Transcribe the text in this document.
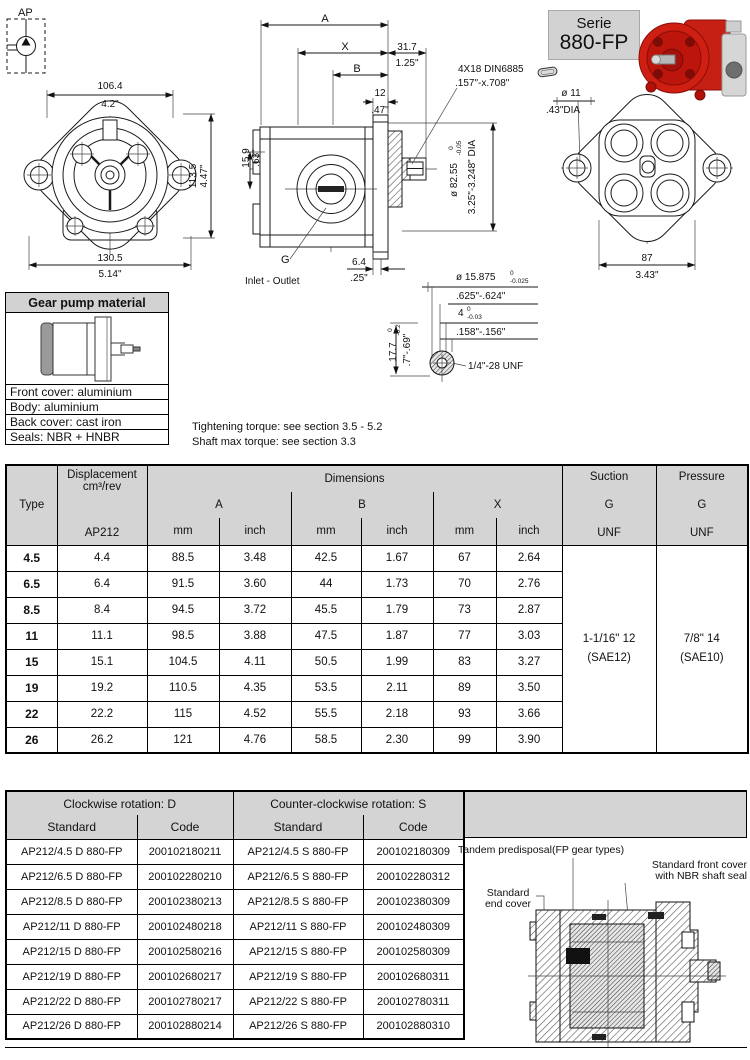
AP
Serie
880-FP
106.4
4.2"
130.5
5.14"
113.5 4.47"
A
X	31.7
1.25"
B
12
.47"
15.9 .63"
6.4
.25"
ø 82.55
0 -0.05 3.25"-3.248" DIA
4X18 DIN6885
.157"-x.708"
G
Inlet - Outlet
ø 11
.43"DIA
87
3.43"
ø 15.875 0
-0.025
.625"-.624"
4 0
-0.03
.158"-.156"
17.7
0 -0.2
.7"-.69"
1/4"-28 UNF
Gear pump material
Front cover: aluminium
Body: aluminium
Back cover: cast iron
Seals: NBR + HNBR
Tightening torque: see section 3.5 - 5.2
Shaft max torque: see section 3.3
Type	
Displacement
cm³/rev
AP212
	Dimensions	Suction
G
UNF

Pressure
G
UNF

		A		B		X			
		mm	inch	mm	inch	mm	inch		
4.5	4.4	88.5	3.48	42.5	1.67	67	2.64	
1-1/16" 12
(SAE12)

7/8" 14
(SAE10)

6.5	6.4	91.5	3.60	44	1.73	70	2.76		
8.5	8.4	94.5	3.72	45.5	1.79	73	2.87		
11	11.1	98.5	3.88	47.5	1.87	77	3.03		
15	15.1	104.5	4.11	50.5	1.99	83	3.27		
19	19.2	110.5	4.35	53.5	2.11	89	3.50		
22	22.2	115	4.52	55.5	2.18	93	3.66		
26	26.2	121	4.76	58.5	2.30	99	3.90		
Clockwise rotation: D		Counter-clockwise rotation: S	
Standard	Code	Standard	Code
AP212/4.5 D 880-FP	200102180211	AP212/4.5 S 880-FP	200102180309
AP212/6.5 D 880-FP	200102280210	AP212/6.5 S 880-FP	200102280312
AP212/8.5 D 880-FP	200102380213	AP212/8.5 S 880-FP	200102380309
AP212/11 D 880-FP	200102480218	AP212/11 S 880-FP	200102480309
AP212/15 D 880-FP	200102580216	AP212/15 S 880-FP	200102580309
AP212/19 D 880-FP	200102680217	AP212/19 S 880-FP	200102680311
AP212/22 D 880-FP	200102780217	AP212/22 S 880-FP	200102780311
AP212/26 D 880-FP	200102880214	AP212/26 S 880-FP	200102880310
Tandem predisposal(FP gear types)
Standard front cover
with NBR shaft seal
Standard
end cover
